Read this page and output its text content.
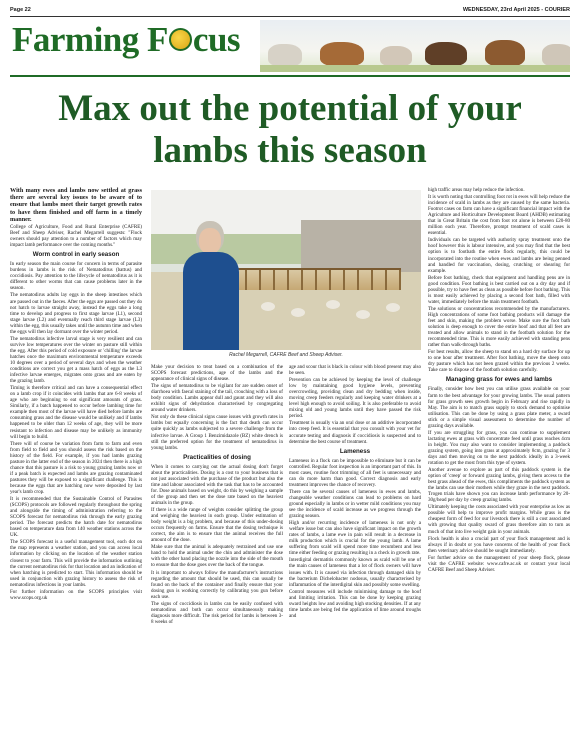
Page 22	WEDNESDAY, 23rd April 2025 - COURIER
Farming F cus
Max out the potential of your lambs this season

With many ewes and lambs now settled at grass there are several key issues to be aware of to ensure that lambs meet their target growth rates to have them finished and off farm in a timely manner.

College of Agriculture, Food and Rural Enterprise (CAFRE) Beef and Sheep Adviser, Rachel Megarrell suggests: "Flock owners should pay attention to a number of factors which may impact lamb performance over the coming months."

Worm control in early season

In early season the main course for concern in terms of parasite burdens in lambs is the risk of Nematodirus (battus) and coccidiosis. Pay attention to the lifecycle of nematodirus as it is different to other worms that can cause problems later in the season.

The nematodirus adults lay eggs in the sheep intestines which are passed out in the faeces. After the eggs are passed out they do not hatch to larvae straight away, instead the eggs take a long time to develop and progress to first stage larvae (L1), second stage larvae (L2) and eventually reach third stage larvae (L3) within the egg, this usually takes until the autumn time and when the eggs will then lay dormant over the winter period.

The nematodirus infective larval stage is very resilient and can survive low temperatures over the winter on pasture still within the egg. After this period of cold exposure or 'chilling' the larvae hatches once the maximum environmental temperature exceeds 10 degrees over a period of several days and when the weather conditions are correct you get a mass hatch of eggs as the L3 infective larvae emerges, migrates onto grass and are eaten by the grazing lamb.

Timing is therefore critical and can have a consequential effect on a lamb crop if it coincides with lambs that are 6-8 weeks of age who are beginning to eat significant amounts of grass. Similarly, if a batch happened to occur before lambing time for example then most of the larvae will have died before lambs are consuming grass and the disease would be unlikely and if lambs happened to be older than 12 weeks of age, they will be more resistant to infection and disease may be unlikely as immunity will begin to build.

There will of course be variation from farm to farm and even from field to field and you should assess the risk based on the history of the field. For example, if you had lambs grazing pasture in the latter end of the season in 2024 then there is a high chance that this pasture is a risk to young grazing lambs now or if a peak batch is expected and lambs are grazing contaminated pastures they will be exposed to a significant challenge. This is because the eggs that are hatching now were deposited by last year's lamb crop.

It is recommended that the Sustainable Control of Parasites (SCOPS) protocols are followed regularly throughout the spring and alongside the timing of administration referring to the SCOPS forecast for nematodirus risk through the early grazing period. The forecast predicts the hatch date for nematodirus based on temperature data from 140 weather stations across the UK.

The SCOPS forecast is a useful management tool, each dot on the map represents a weather station, and you can access local information by clicking on the location of the weather station closest to your farm. This will provide the information outlining the current nematodirus risk for that location and an indication of when hatching is predicted to start. This information should be used in conjunction with grazing history to assess the risk of nematodirus infections in your lambs.

For further information on the SCOPS principles visit www.scops.org.uk

Rachel Megarrell, CAFRE Beef and Sheep Adviser.

Make your decision to treat based on a combination of the SCOPS forecast predictions, age of the lambs and the appearance of clinical signs of disease.

The signs of nematodirus to be vigilant for are sudden onset of diarrhoea with faecal staining of the tail, crouching with a loss of body condition. Lambs appear dull and gaunt and they will also exhibit signs of dehydration characterised by congregating around water drinkers.

Not only do these clinical signs cause issues with growth rates in lambs but equally concerning is the fact that death can occur quite quickly as lambs subjected to a severe challenge from the infective larvae. A Group 1 Benzimidazole (BZ) white drench is still the preferred option for the treatment of nematodirus in young lambs.

Practicalities of dosing

When it comes to carrying out the actual dosing don't forget about the practicalities. Dosing is a cost to your business that is not just associated with the purchase of the product but also the time and labour associated with the task that has to be accounted for. Dose animals based on weight, do this by weighing a sample of the group and then set the dose rate based on the heaviest animals in the group.

If there is a wide range of weights consider splitting the group and weighing the heaviest in each group. Under estimation of body weight is a big problem, and because of this under-dosing occurs frequently on farms. Ensure that the dosing technique is correct, the aim is to ensure that the animal receives the full amount of the dose.

Make sure that the animal is adequately restrained and use one hand to hold the animal under the chin and administer the dose with the other hand placing the nozzle into the side of the mouth to ensure that the dose goes over the back of the tongue.

It is important to always follow the manufacturer's instructions regarding the amount that should be used, this can usually be found on the back of the container and finally ensure that your dosing gun is working correctly by calibrating you gun before each use.

The signs of coccidiosis in lambs can be easily confused with nematodirus and both can occur simultaneously making diagnosis more difficult. The risk period for lambs is between 3-8 weeks of

age and scour that is black in colour with blood present may also be seen.

Prevention can be achieved by keeping the level of challenge low by maintaining good hygiene levels, preventing overcrowding, providing clean and dry bedding when inside, moving creep feeders regularly and keeping water drinkers at a level high enough to avoid soiling. It is also preferable to avoid mixing old and young lambs until they have passed the risk period.

Treatment is usually via an oral dose or an additive incorporated into creep feed. It is essential that you consult with your vet for accurate testing and diagnosis if coccidiosis is suspected and to determine the best course of treatment.

Lameness

Lameness in a flock can be impossible to eliminate but it can be controlled. Regular foot inspection is an important part of this. In most cases, routine foot trimming of all feet is unnecessary and can do more harm than good. Correct diagnosis and early treatment improves the chance of recovery.

There can be several causes of lameness in ewes and lambs, changeable weather conditions can lead to problems on hard ground especially in lambs or in wetter mild conditions you may see the incidence of scald increase as we progress through the grazing season.

High and/or recurring incidence of lameness is not only a welfare issue but can also have significant impact on the growth rates of lambs, a lame ewe in pain will result in a decrease in milk production which is crucial for the young lamb. A lame suffering from scald will spend more time recumbent and less time either feeding or grazing resulting in a check in growth rate.

Interdigital dermatitis commonly known as scald will be one of the main causes of lameness that a lot of flock owners will have issues with. It is caused via infection through damaged skin by the bacterium Dichelobacter nodosus, usually characterised by inflammation of the interdigital skin and possibly some swelling.

Control measures will include minimising damage to the hoof and limiting irritation. This can be done by keeping grazing sward heights low and avoiding high stocking densities. If at any time lambs are being fed the application of lime around troughs and

high traffic areas may help reduce the infection.

It is worth noting that controlling foot rot in ewes will help reduce the incidence of scald in lambs as they are caused by the same bacteria. Footrot cases on farm can have a significant financial impact with the Agriculture and Horticulture Development Board (AHDB) estimating that in Great Britain the cost from foot rot alone is between £20-80 million each year. Therefore, prompt treatment of scald cases is essential.

Individuals can be targeted with authority spray treatment onto the hoof however this is labour intensive, and you may find that the best option is to footbath the entire flock regularly, this could be incorporated into the routine when ewes and lambs are being penned and handled for vaccination, dosing, crutching or shearing for example.

Before foot bathing, check that equipment and handling pens are in good condition. Foot bathing is best carried out on a dry day and if possible, try to have feet as clean as possible before foot bathing. This is most easily achieved by placing a second foot bath, filled with water, immediately before the main treatment footbath.

The solutions or concentrations recommended by the manufacturers. High concentrations of some foot bathing products will damage the feet and skin, making the problem worse. Make sure the foot bath solution is deep enough to cover the entire hoof and that all feet are treated and allow animals to stand in the footbath solution for the recommended time. This is more easily achieved with standing pens rather than walk-through baths.

For best results, allow the sheep to stand on a hard dry surface for up to one hour after treatment. After foot bathing, move the sheep onto dry pasture which has not been grazed within the previous 2 weeks. Take care to dispose of the footbath solution carefully.

Managing grass for ewes and lambs

Finally, consider how best you can utilise grass available on your farm to the best advantage for your growing lambs. The usual pattern for grass growth sees growth begin in February and rise rapidly in May. The aim is to match grass supply to stock demand to optimise utilisation. This can be done by using a grass plate meter, a sward stick or a simple visual assessment to determine the number of grazing days available.

If you are struggling for grass, you can continue to supplement lactating ewes at grass with concentrate feed until grass reaches 4cm in height. You may also want to consider implementing a paddock grazing system, going into grass at approximately 8cm, grazing for 3 days and then moving on to the next paddock ideally in a 3-week rotation to get the most from this type of system.

Another avenue to explore as part of this paddock system is the option of 'creep' or forward grazing lambs, giving them access to the best grass ahead of the ewes, this compliments the paddock system as the lambs can use their mothers while they graze in the next paddock. Trogen trials have shown you can increase lamb performance by 20-30g/head per day by creep grazing lambs.

Ultimately keeping the costs associated with your enterprise as low as possible will help to improve profit margins. While grass is the cheapest form of feed for our livestock there is still a cost associated with growing that quality sward of grass therefore aim to turn as much of that into live weight gain in your animals.

Flock health is also a crucial part of your flock management and is always if in doubt or you have concerns of the health of your flock then veterinary advice should be sought immediately.

For further advice on the management of your sheep flock, please visit the CAFRE website: www.cafre.ac.uk or contact your local CAFRE Beef and Sheep Adviser.
